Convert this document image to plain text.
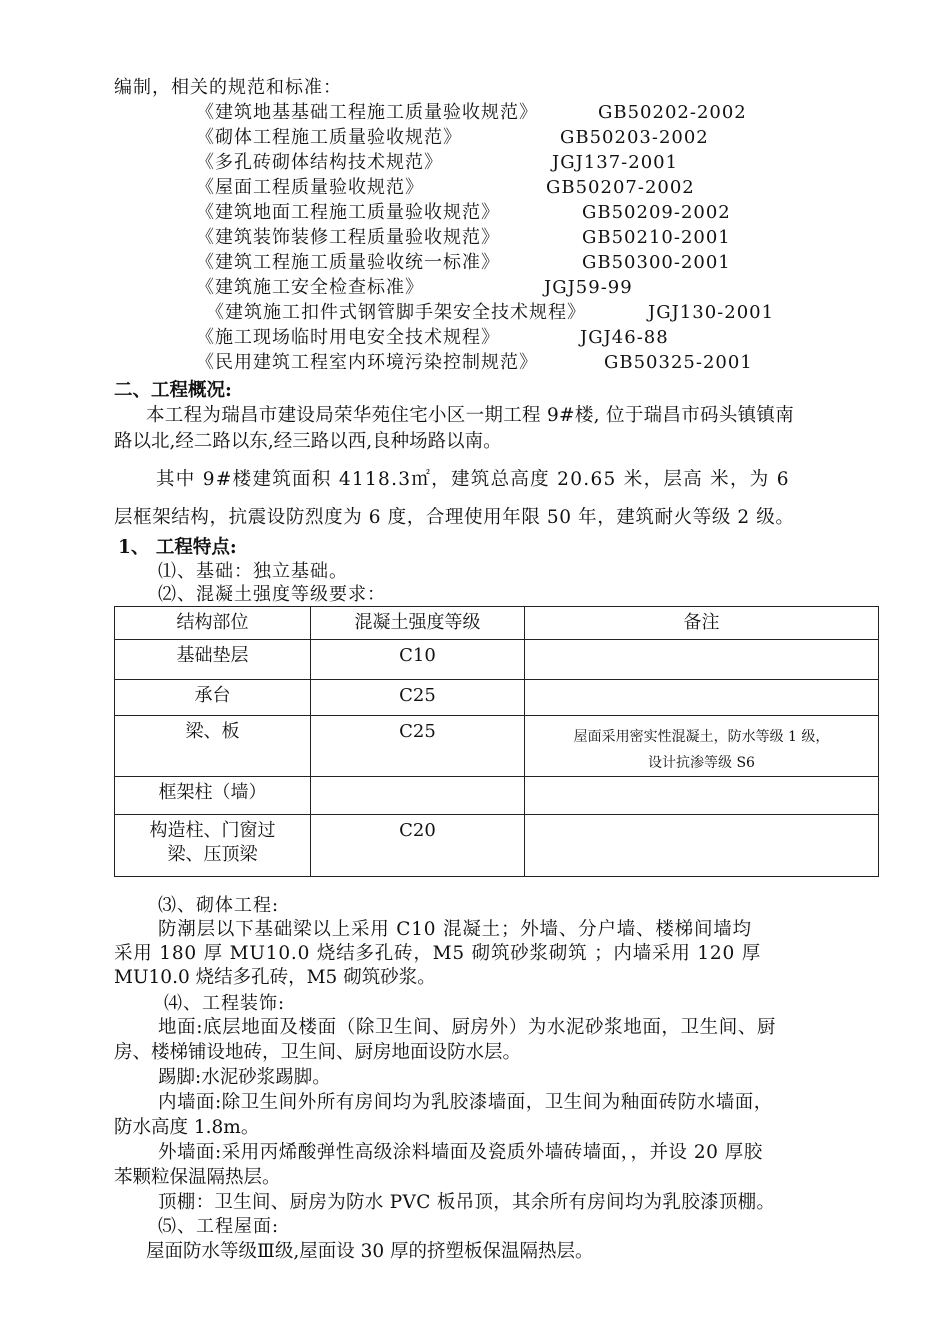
编制，相关的规范和标准：
《建筑地基基础工程施工质量验收规范》	GB50202-2002
《砌体工程施工质量验收规范》	GB50203-2002
《多孔砖砌体结构技术规范》	JGJ137-2001
《屋面工程质量验收规范》	GB50207-2002
《建筑地面工程施工质量验收规范》	GB50209-2002
《建筑装饰装修工程质量验收规范》	GB50210-2001
《建筑工程施工质量验收统一标准》	GB50300-2001
《建筑施工安全检查标准》	JGJ59-99
《建筑施工扣件式钢管脚手架安全技术规程》	JGJ130-2001
《施工现场临时用电安全技术规程》	JGJ46-88
《民用建筑工程室内环境污染控制规范》	GB50325-2001
二、工程概况:
本工程为瑞昌市建设局荣华苑住宅小区一期工程 9#楼, 位于瑞昌市码头镇镇南
路以北,经二路以东,经三路以西,良种场路以南。
其中 9#楼建筑面积 4118.3㎡，建筑总高度 20.65 米，层高 米，为 6
层框架结构，抗震设防烈度为 6 度，合理使用年限 50 年，建筑耐火等级 2 级。
1、 工程特点:
⑴、基础：独立基础。
⑵、混凝土强度等级要求：
结构部位	混凝土强度等级	备注
基础垫层	C10	
承台	C25	
梁、板	C25	屋面采用密实性混凝土，防水等级 1 级，
设计抗渗等级 S6

框架柱（墙）		

构造柱、门窗过
梁、压顶梁	C20	
⑶、砌体工程:
防潮层以下基础梁以上采用 C10 混凝土；外墙、分户墙、楼梯间墙均
采用 180 厚 MU10.0 烧结多孔砖，M5 砌筑砂浆砌筑 ；内墙采用 120 厚
MU10.0 烧结多孔砖，M5 砌筑砂浆。
⑷、工程装饰:
地面:底层地面及楼面（除卫生间、厨房外）为水泥砂浆地面，卫生间、厨
房、楼梯铺设地砖，卫生间、厨房地面设防水层。
踢脚:水泥砂浆踢脚。
内墙面:除卫生间外所有房间均为乳胶漆墙面，卫生间为釉面砖防水墙面，
防水高度 1.8m。
外墙面:采用丙烯酸弹性高级涂料墙面及瓷质外墙砖墙面，，并设 20 厚胶
苯颗粒保温隔热层。
顶棚：卫生间、厨房为防水 PVC 板吊顶，其余所有房间均为乳胶漆顶棚。
⑸、工程屋面:
屋面防水等级Ⅲ级,屋面设 30 厚的挤塑板保温隔热层。
